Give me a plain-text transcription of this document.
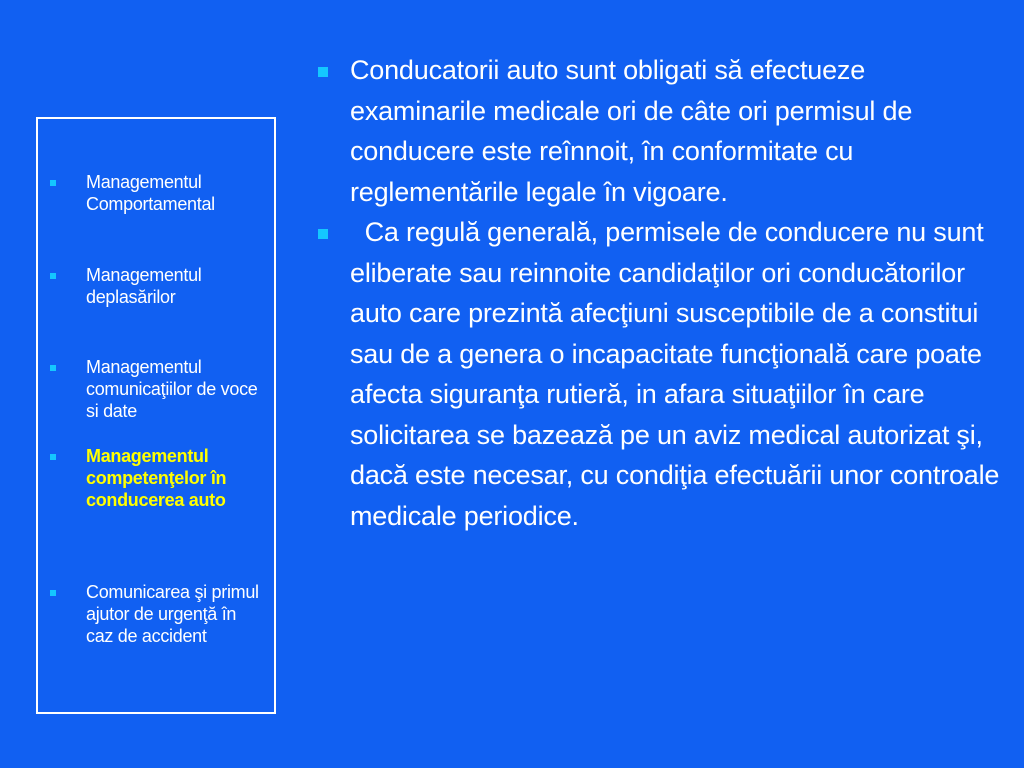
Managementul Comportamental
Managementul deplasărilor
Managementul comunicaţiilor de voce si date
Managementul competenţelor în conducerea auto
Comunicarea şi primul ajutor de urgenţă în caz de accident
Conducatorii auto sunt obligati să efectueze examinarile medicale ori de câte ori permisul de conducere este reînnoit, în conformitate cu reglementările legale în vigoare.
Ca regulă generală, permisele de conducere nu sunt eliberate sau reinnoite candidaţilor ori conducătorilor auto care prezintă afecţiuni susceptibile de a constitui sau de a genera o incapacitate funcţională care poate afecta siguranţa rutieră, in afara situaţiilor în care solicitarea se bazează pe un aviz medical autorizat şi, dacă este necesar, cu condiţia efectuării unor controale medicale periodice.
